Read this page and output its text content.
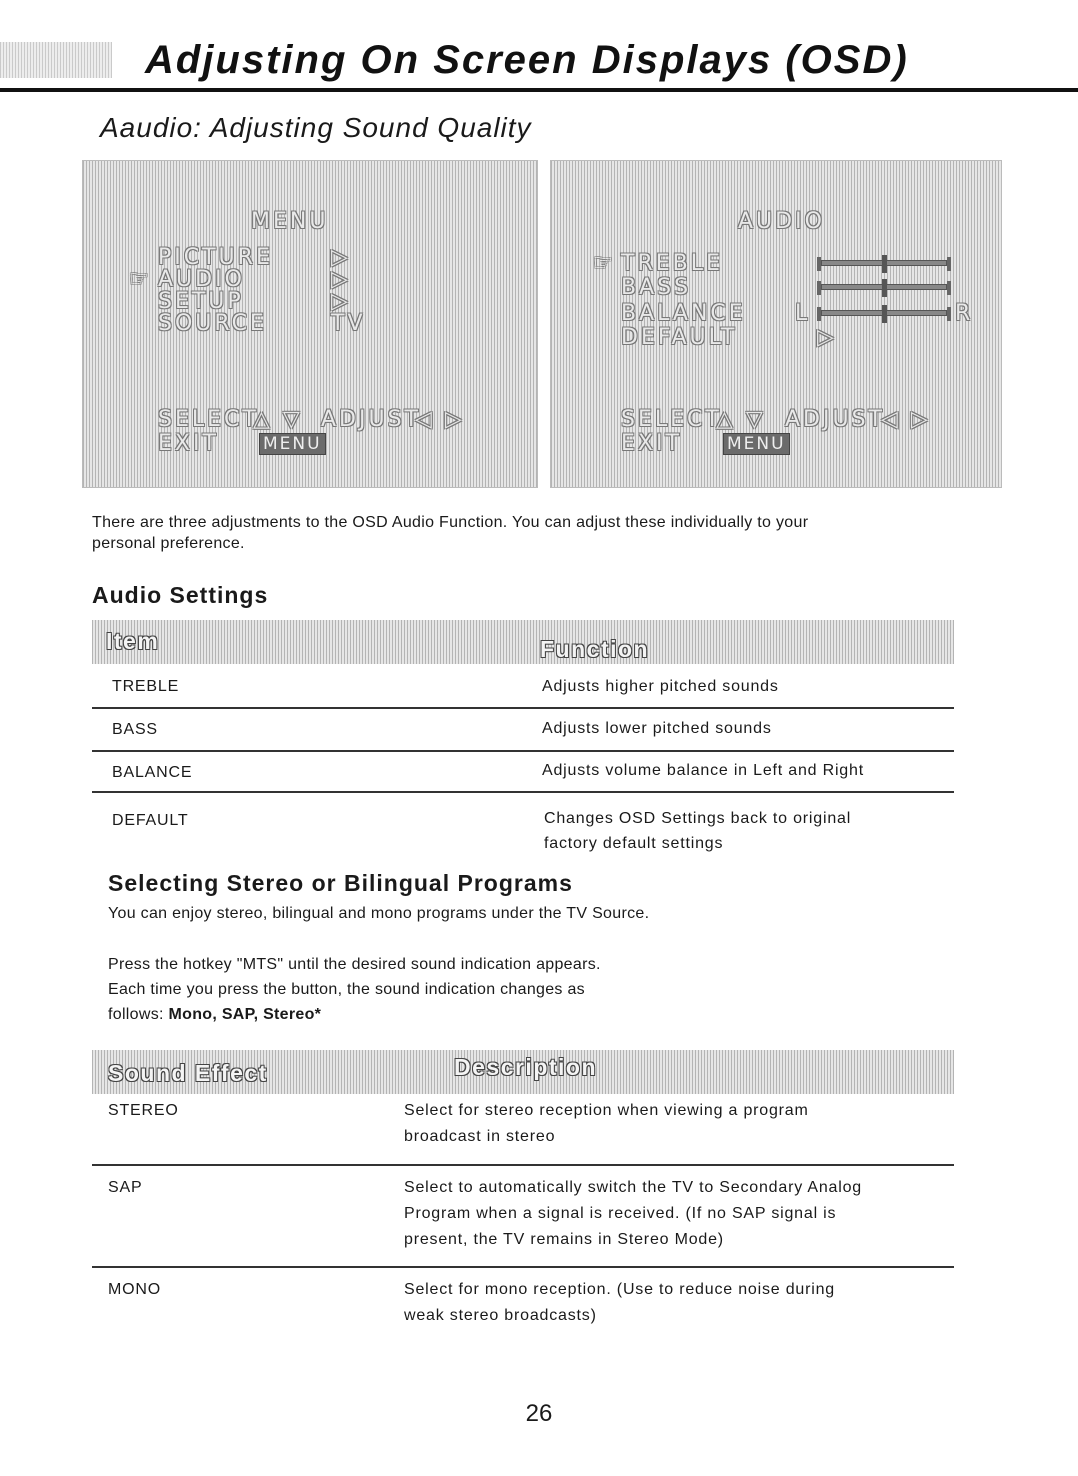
Adjusting On Screen Displays (OSD)
Aaudio: Adjusting Sound Quality
MENU
PICTURE	▷
☞ AUDIO	▷
SETUP	▷
SOURCE	TV
SELECT
△ ▽ ADJUST
◁ ▷
EXIT	MENU
AUDIO
☞ TREBLE
BASS
BALANCE L	R
DEFAULT	▷
SELECT
△ ▽ ADJUST
◁ ▷
EXIT	MENU

There are three adjustments to the OSD Audio Function. You can adjust these individually to your
personal preference.

Audio Settings
Item	Function
TREBLE	Adjusts higher pitched sounds
BASS	Adjusts lower pitched sounds
BALANCE	Adjusts volume balance in Left and Right
DEFAULT	Changes OSD Settings back to original
factory default settings
Selecting Stereo or Bilingual Programs
You can enjoy stereo, bilingual and mono programs under the TV Source.
Press the hotkey "MTS" until the desired sound indication appears.
Each time you press the button, the sound indication changes as
follows: Mono, SAP, Stereo*
Sound Effect	Description
STEREO	Select for stereo reception when viewing a program
broadcast in stereo
SAP	Select to automatically switch the TV to Secondary Analog
Program when a signal is received. (If no SAP signal is
present, the TV remains in Stereo Mode)
MONO	Select for mono reception. (Use to reduce noise during
weak stereo broadcasts)
26
